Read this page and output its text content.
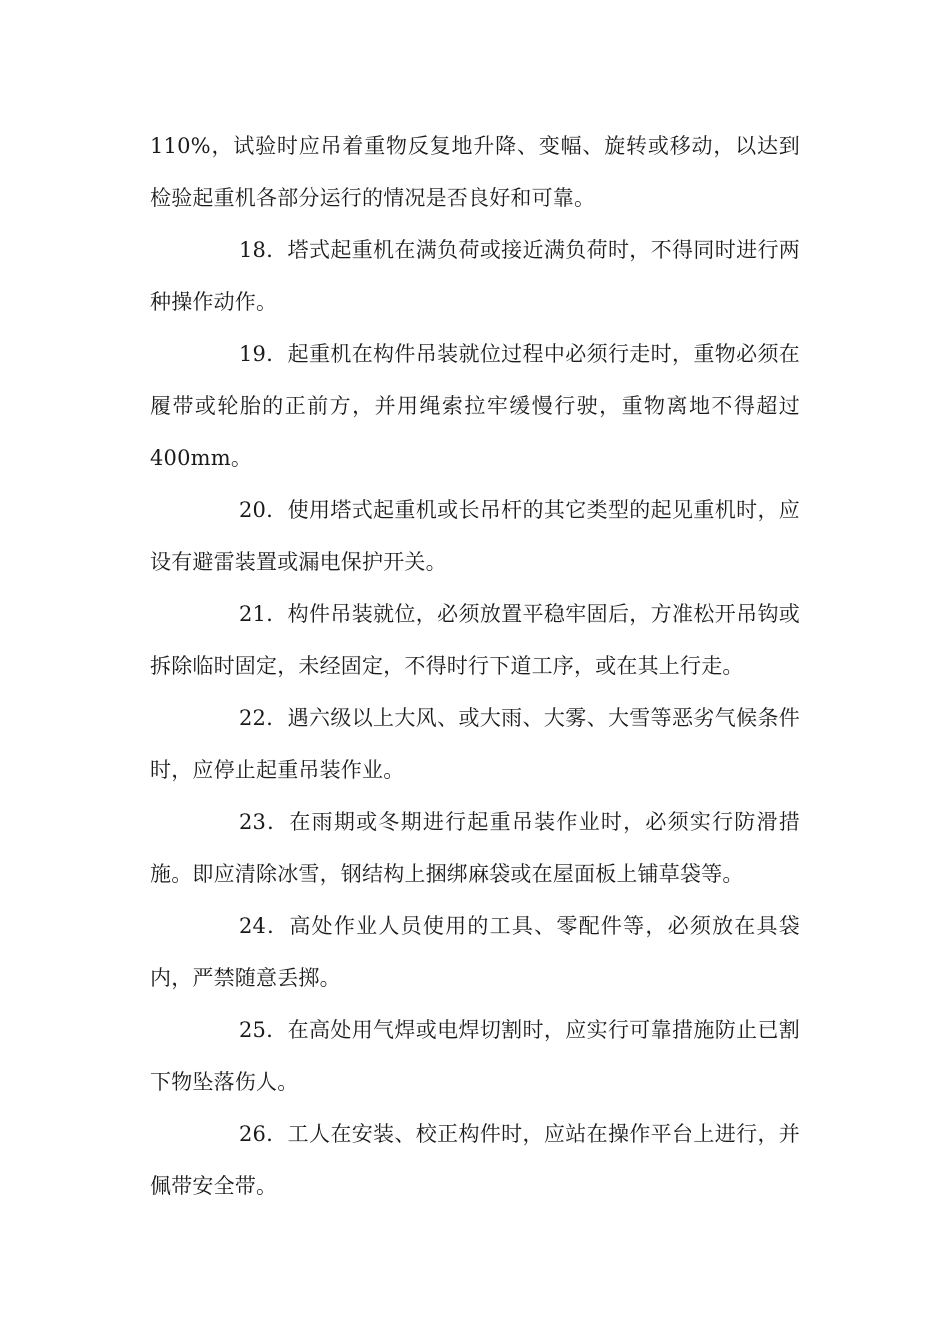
110%，试验时应吊着重物反复地升降、变幅、旋转或移动，以达到检验起重机各部分运行的情况是否良好和可靠。

18．塔式起重机在满负荷或接近满负荷时，不得同时进行两种操作动作。

19．起重机在构件吊装就位过程中必须行走时，重物必须在履带或轮胎的正前方，并用绳索拉牢缓慢行驶，重物离地不得超过400mm。

20．使用塔式起重机或长吊杆的其它类型的起见重机时，应设有避雷装置或漏电保护开关。

21．构件吊装就位，必须放置平稳牢固后，方准松开吊钩或拆除临时固定，未经固定，不得时行下道工序，或在其上行走。

22．遇六级以上大风、或大雨、大雾、大雪等恶劣气候条件时，应停止起重吊装作业。

23．在雨期或冬期进行起重吊装作业时，必须实行防滑措施。即应清除冰雪，钢结构上捆绑麻袋或在屋面板上铺草袋等。

24．高处作业人员使用的工具、零配件等，必须放在具袋内，严禁随意丢掷。

25．在高处用气焊或电焊切割时，应实行可靠措施防止已割下物坠落伤人。

26．工人在安装、校正构件时，应站在操作平台上进行，并佩带安全带。
